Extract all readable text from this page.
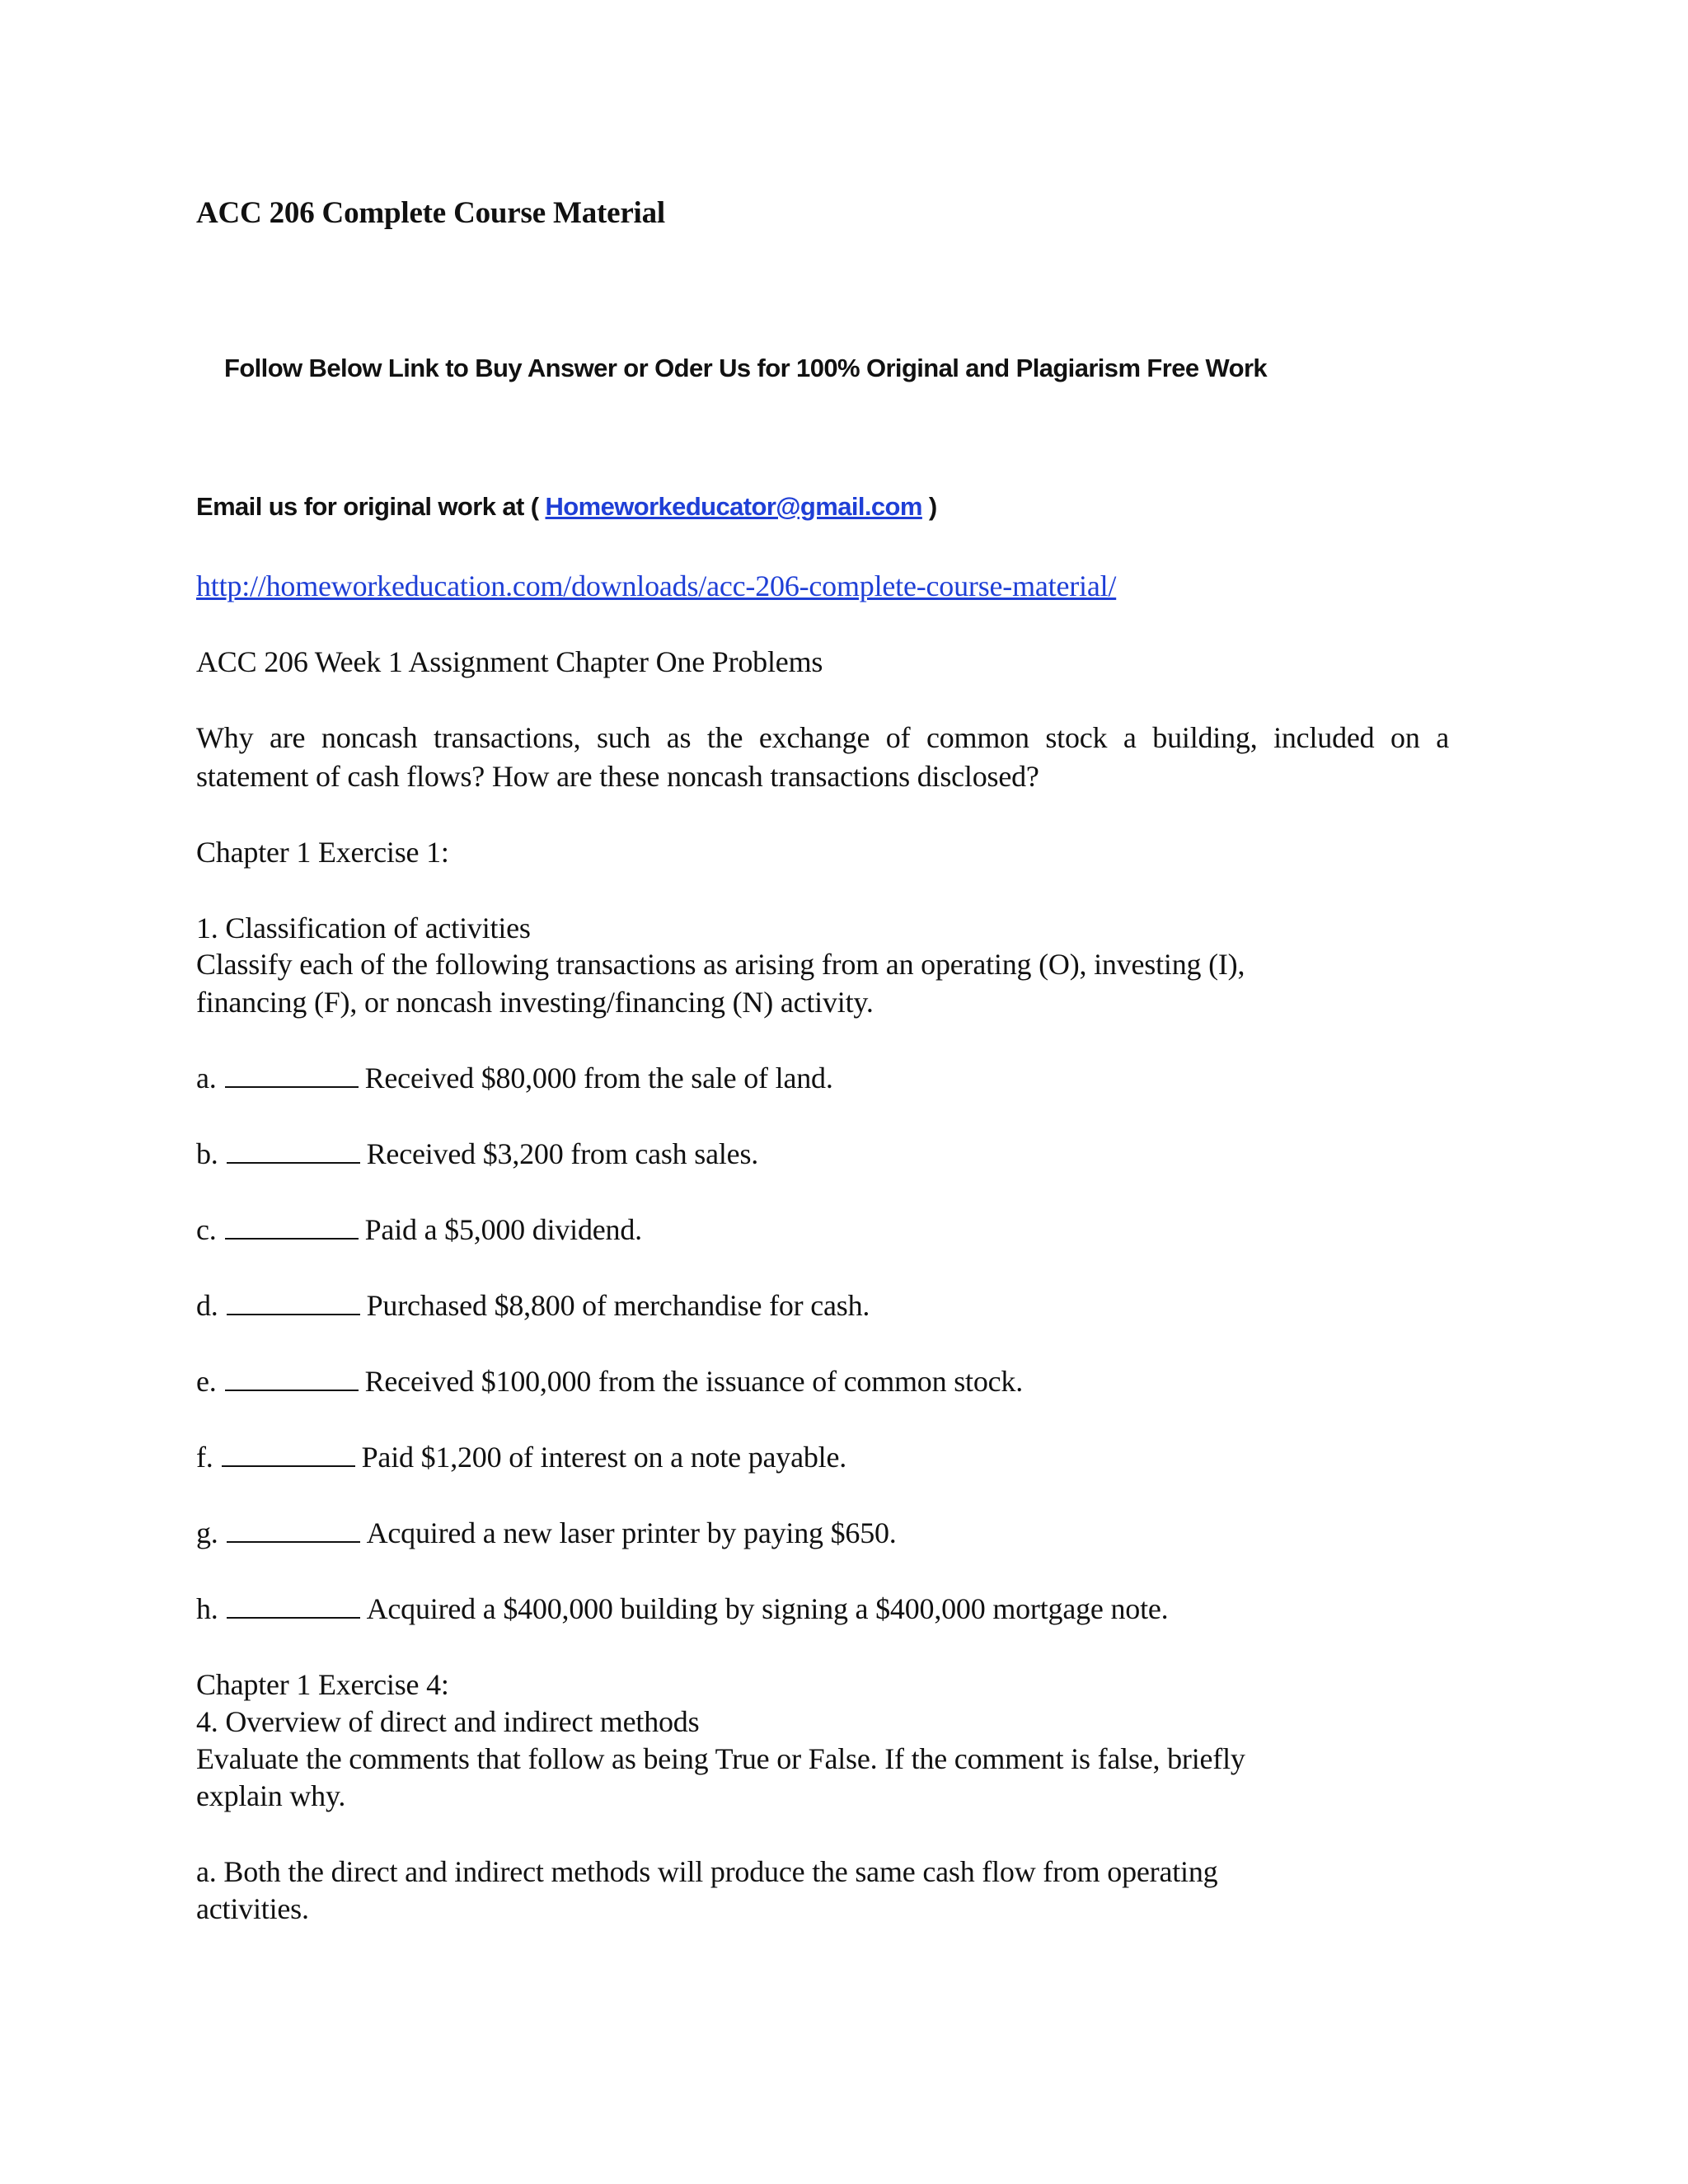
ACC 206 Complete Course Material
Follow Below Link to Buy Answer or Oder Us for 100% Original and Plagiarism Free Work
Email us for original work at ( Homeworkeducator@gmail.com )
http://homeworkeducation.com/downloads/acc-206-complete-course-material/
ACC 206 Week 1 Assignment Chapter One Problems
Why are noncash transactions, such as the exchange of common stock a building, included on a
statement of cash flows? How are these noncash transactions disclosed?
Chapter 1 Exercise 1:
1. Classification of activities
Classify each of the following transactions as arising from an operating (O), investing (I),
financing (F), or noncash investing/financing (N) activity.
a.	Received $80,000 from the sale of land.
b.	Received $3,200 from cash sales.
c.	Paid a $5,000 dividend.
d.	Purchased $8,800 of merchandise for cash.
e.	Received $100,000 from the issuance of common stock.
f.	Paid $1,200 of interest on a note payable.
g.	Acquired a new laser printer by paying $650.
h.	Acquired a $400,000 building by signing a $400,000 mortgage note.
Chapter 1 Exercise 4:
4. Overview of direct and indirect methods
Evaluate the comments that follow as being True or False. If the comment is false, briefly
explain why.
a. Both the direct and indirect methods will produce the same cash flow from operating
activities.
